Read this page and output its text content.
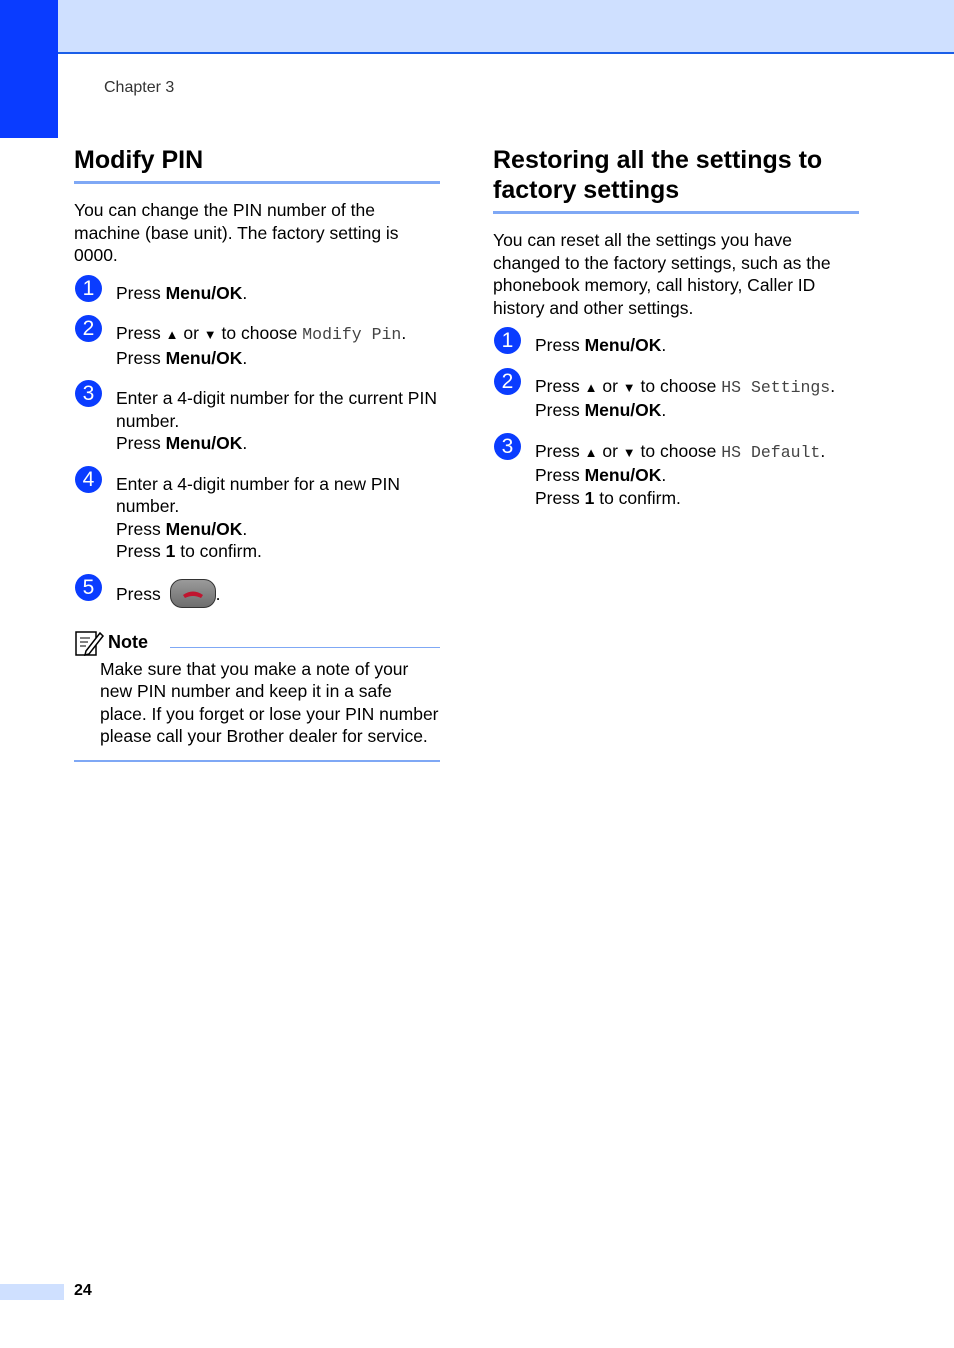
Chapter 3
Modify PIN

You can change the PIN number of the machine (base unit). The factory setting is 0000.

1	Press Menu/OK.
2	Press ▲ or ▼ to choose Modify Pin.
Press Menu/OK.
3	Enter a 4-digit number for the current PIN number.
Press Menu/OK.
4	Enter a 4-digit number for a new PIN number.
Press Menu/OK.
Press 1 to confirm.
5	Press	.
Note
Make sure that you make a note of your new PIN number and keep it in a safe place. If you forget or lose your PIN number please call your Brother dealer for service.
Restoring all the settings to factory settings

You can reset all the settings you have changed to the factory settings, such as the phonebook memory, call history, Caller ID history and other settings.

1	Press Menu/OK.
2	Press ▲ or ▼ to choose HS Settings.
Press Menu/OK.
3	Press ▲ or ▼ to choose HS Default.
Press Menu/OK.
Press 1 to confirm.
24
